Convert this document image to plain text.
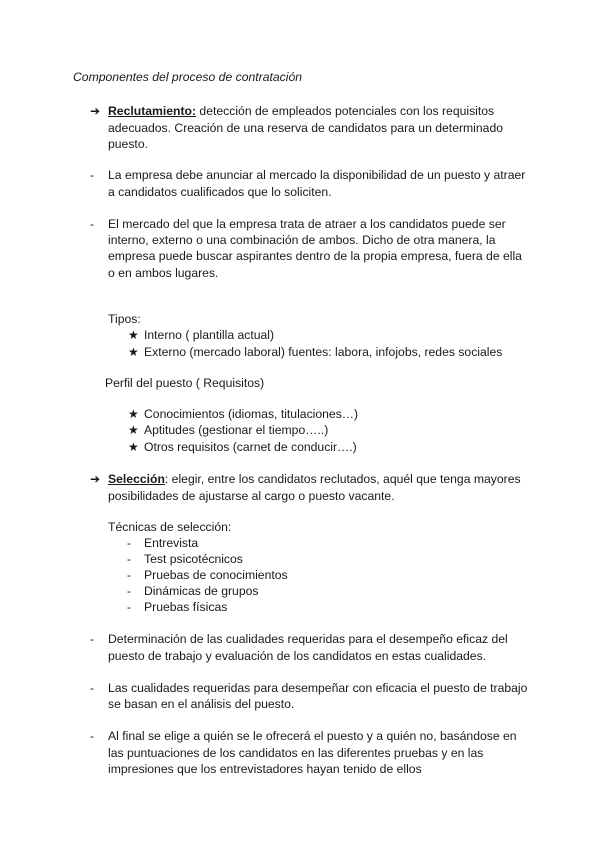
Componentes del proceso de contratación
➔ Reclutamiento: detección de empleados potenciales con los requisitos
adecuados. Creación de una reserva de candidatos para un determinado
puesto.
- La empresa debe anunciar al mercado la disponibilidad de un puesto y atraer
a candidatos cualificados que lo soliciten.
- El mercado del que la empresa trata de atraer a los candidatos puede ser
interno, externo o una combinación de ambos. Dicho de otra manera, la
empresa puede buscar aspirantes dentro de la propia empresa, fuera de ella
o en ambos lugares.
Tipos:
★ Interno ( plantilla actual)
★ Externo (mercado laboral) fuentes: labora, infojobs, redes sociales
Perfil del puesto ( Requisitos)
★ Conocimientos (idiomas, titulaciones…)
★ Aptitudes (gestionar el tiempo…..)
★ Otros requisitos (carnet de conducir….)
➔ Selección: elegir, entre los candidatos reclutados, aquél que tenga mayores
posibilidades de ajustarse al cargo o puesto vacante.
Técnicas de selección:
- Entrevista
- Test psicotécnicos
- Pruebas de conocimientos
- Dinámicas de grupos
- Pruebas físicas
- Determinación de las cualidades requeridas para el desempeño eficaz del
puesto de trabajo y evaluación de los candidatos en estas cualidades.
- Las cualidades requeridas para desempeñar con eficacia el puesto de trabajo
se basan en el análisis del puesto.
- Al final se elige a quién se le ofrecerá el puesto y a quién no, basándose en
las puntuaciones de los candidatos en las diferentes pruebas y en las
impresiones que los entrevistadores hayan tenido de ellos
